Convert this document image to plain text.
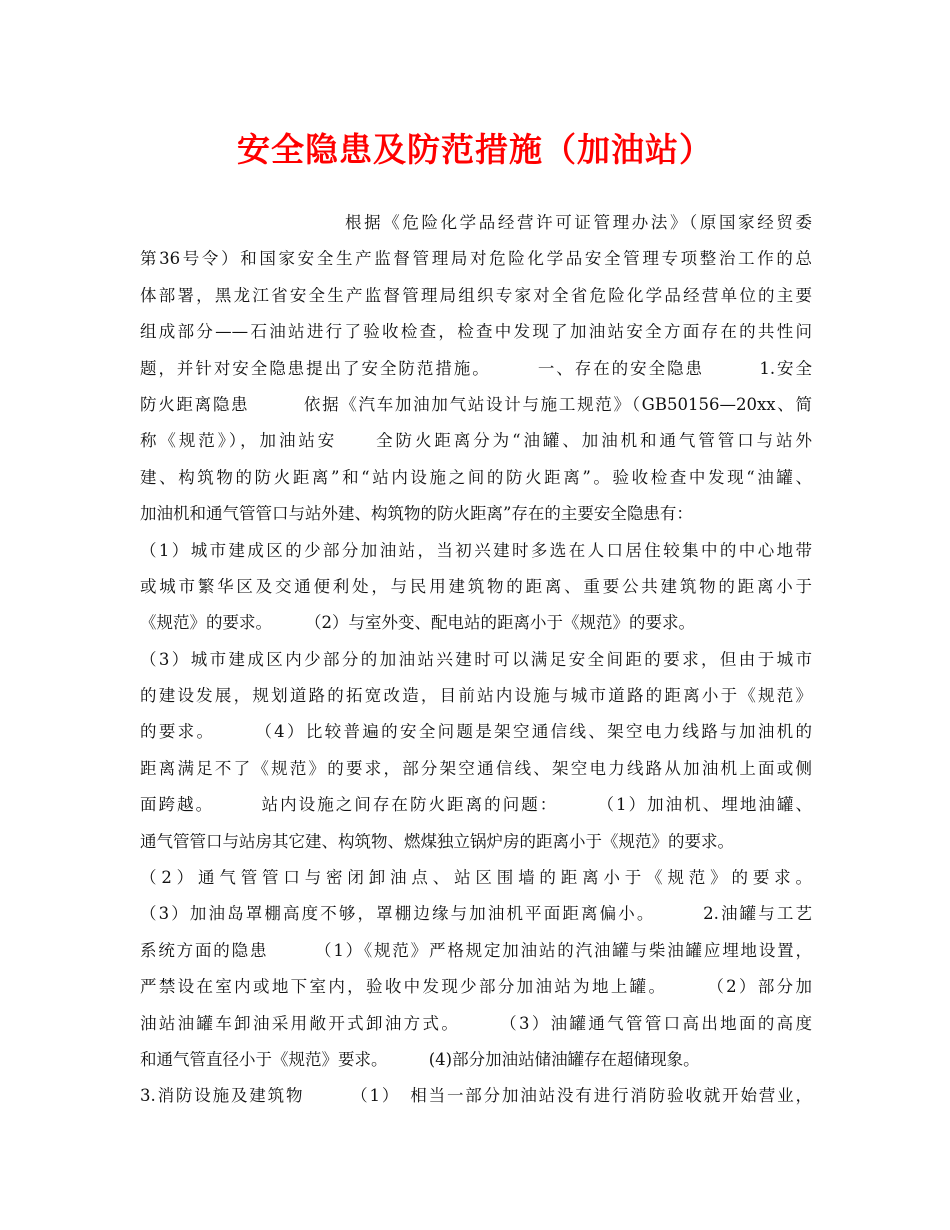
安全隐患及防范措施（加油站）
根据《危险化学品经营许可证管理办法》（原国家经贸委
第36号令）和国家安全生产监督管理局对危险化学品安全管理专项整治工作的总
体部署，黑龙江省安全生产监督管理局组织专家对全省危险化学品经营单位的主要
组成部分——石油站进行了验收检查，检查中发现了加油站安全方面存在的共性问
题，并针对安全隐患提出了安全防范措施。　　　一、存在的安全隐患　　　1.安全
防火距离隐患　　　依据《汽车加油加气站设计与施工规范》（GB50156—20xx、简
称《规范》），加油站安　　全防火距离分为“油罐、加油机和通气管管口与站外
建、构筑物的防火距离”和“站内设施之间的防火距离”。验收检查中发现“油罐、
加油机和通气管管口与站外建、构筑物的防火距离”存在的主要安全隐患有：
（1）城市建成区的少部分加油站，当初兴建时多选在人口居住较集中的中心地带
或城市繁华区及交通便利处，与民用建筑物的距离、重要公共建筑物的距离小于
《规范》的要求。　　　（2）与室外变、配电站的距离小于《规范》的要求。
（3）城市建成区内少部分的加油站兴建时可以满足安全间距的要求，但由于城市
的建设发展，规划道路的拓宽改造，目前站内设施与城市道路的距离小于《规范》
的要求。　　　（4）比较普遍的安全问题是架空通信线、架空电力线路与加油机的
距离满足不了《规范》的要求，部分架空通信线、架空电力线路从加油机上面或侧
面跨越。　　　站内设施之间存在防火距离的问题：　　　（1）加油机、埋地油罐、
通气管管口与站房其它建、构筑物、燃煤独立锅炉房的距离小于《规范》的要求。
（2）通气管管口与密闭卸油点、站区围墙的距离小于《规范》的要求。
（3）加油岛罩棚高度不够，罩棚边缘与加油机平面距离偏小。　　　2.油罐与工艺
系统方面的隐患　　　（1）《规范》严格规定加油站的汽油罐与柴油罐应埋地设置，
严禁设在室内或地下室内，验收中发现少部分加油站为地上罐。　　　（2）部分加
油站油罐车卸油采用敞开式卸油方式。　　　（3）油罐通气管管口高出地面的高度
和通气管直径小于《规范》要求。　　　(4)部分加油站储油罐存在超储现象。
3.消防设施及建筑物　　　（1）　相当一部分加油站没有进行消防验收就开始营业，
